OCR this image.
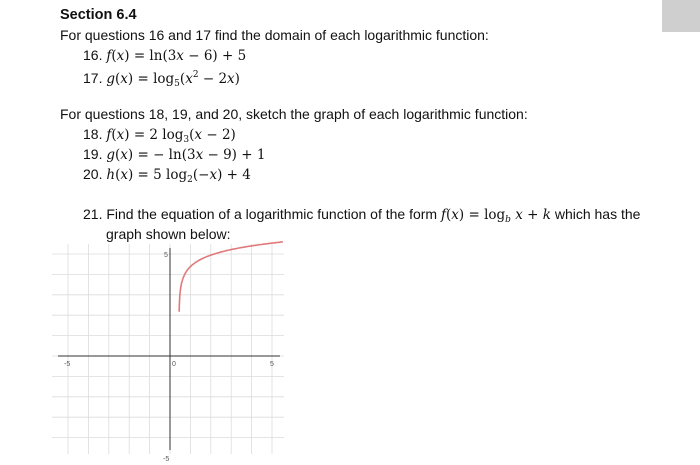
Section 6.4
For questions 16 and 17 find the domain of each logarithmic function:
16. f(x) = ln(3x − 6) + 5
17. $g(x) = \log_5(x^2 - 2x)$
For questions 18, 19, and 20, sketch the graph of each logarithmic function:
18. f(x) = 2 $\log_3(x - 2)$
19. g(x) = − ln(3x − 9) + 1
20. h(x) = 5 $\log_2(-x) + 4$
21. Find the equation of a logarithmic function of the form $f(x) = \log_b x + k$ which has the
graph shown below:
-5	0	5
5
-5
